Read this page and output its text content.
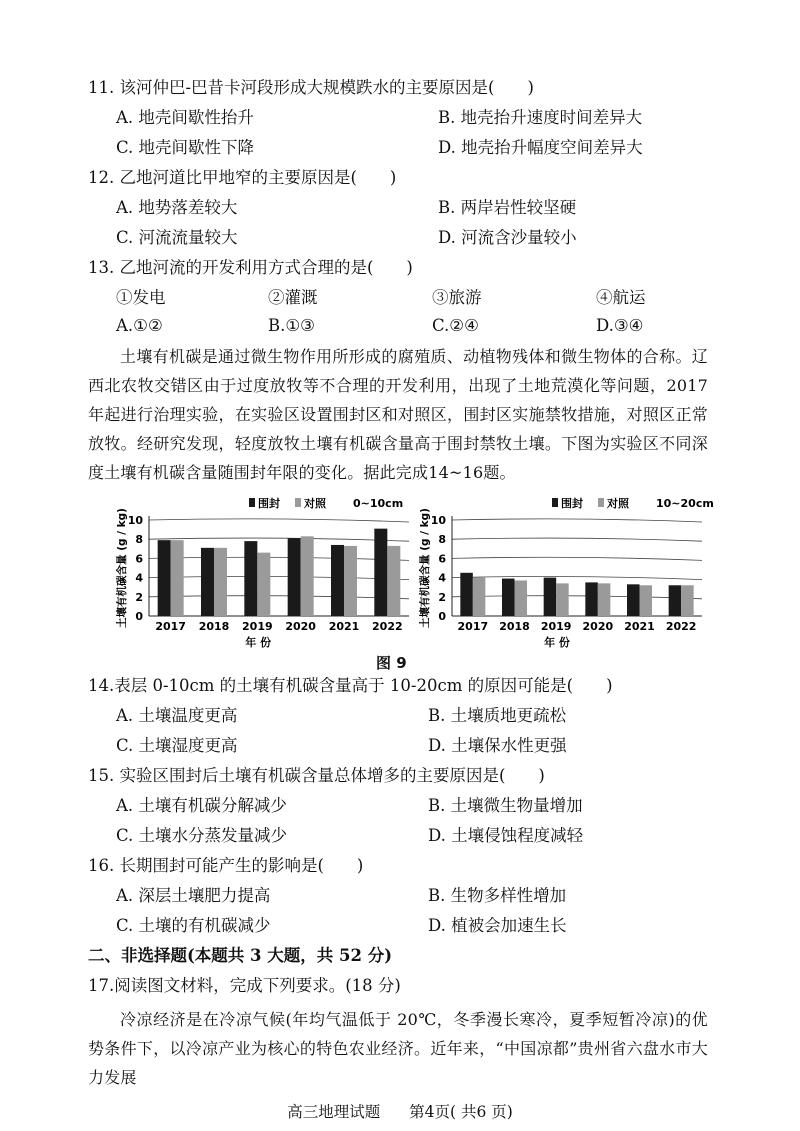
11. 该河仲巴-巴昔卡河段形成大规模跌水的主要原因是(　　)
A. 地壳间歇性抬升	B. 地壳抬升速度时间差异大
C. 地壳间歇性下降	D. 地壳抬升幅度空间差异大
12. 乙地河道比甲地窄的主要原因是(　　)
A. 地势落差较大	B. 两岸岩性较坚硬
C. 河流流量较大	D. 河流含沙量较小
13. 乙地河流的开发利用方式合理的是(　　)
①发电	②灌溉	③旅游	④航运
A.①②	B.①③	C.②④	D.③④

土壤有机碳是通过微生物作用所形成的腐殖质、动植物残体和微生物体的合称。辽西北农牧交错区由于过度放牧等不合理的开发利用，出现了土地荒漠化等问题，2017年起进行治理实验，在实验区设置围封区和对照区，围封区实施禁牧措施，对照区正常放牧。经研究发现，轻度放牧土壤有机碳含量高于围封禁牧土壤。下图为实验区不同深度土壤有机碳含量随围封年限的变化。据此完成14~16题。

0
2
4
6
8
10
土壤有机碳含量 (g / kg) 2017 2018 2019 2020 2021 2022
年 份
围封 对照 0~10cm
0
2
4
6
8
10
土壤有机碳含量 (g / kg) 2017 2018 2019 2020 2021 2022
年 份
围封 对照 10~20cm
图 9
14.表层 0-10cm 的土壤有机碳含量高于 10-20cm 的原因可能是(　　)
A. 土壤温度更高	B. 土壤质地更疏松
C. 土壤湿度更高	D. 土壤保水性更强
15. 实验区围封后土壤有机碳含量总体增多的主要原因是(　　)
A. 土壤有机碳分解减少	B. 土壤微生物量增加
C. 土壤水分蒸发量减少	D. 土壤侵蚀程度减轻
16. 长期围封可能产生的影响是(　　)
A. 深层土壤肥力提高	B. 生物多样性增加
C. 土壤的有机碳减少	D. 植被会加速生长
二、非选择题(本题共 3 大题，共 52 分)
17.阅读图文材料，完成下列要求。(18 分)

冷凉经济是在冷凉气候(年均气温低于 20℃，冬季漫长寒冷，夏季短暂冷凉)的优势条件下，以冷凉产业为核心的特色农业经济。近年来，“中国凉都”贵州省六盘水市大力发展

高三地理试题 第4页( 共6 页)
